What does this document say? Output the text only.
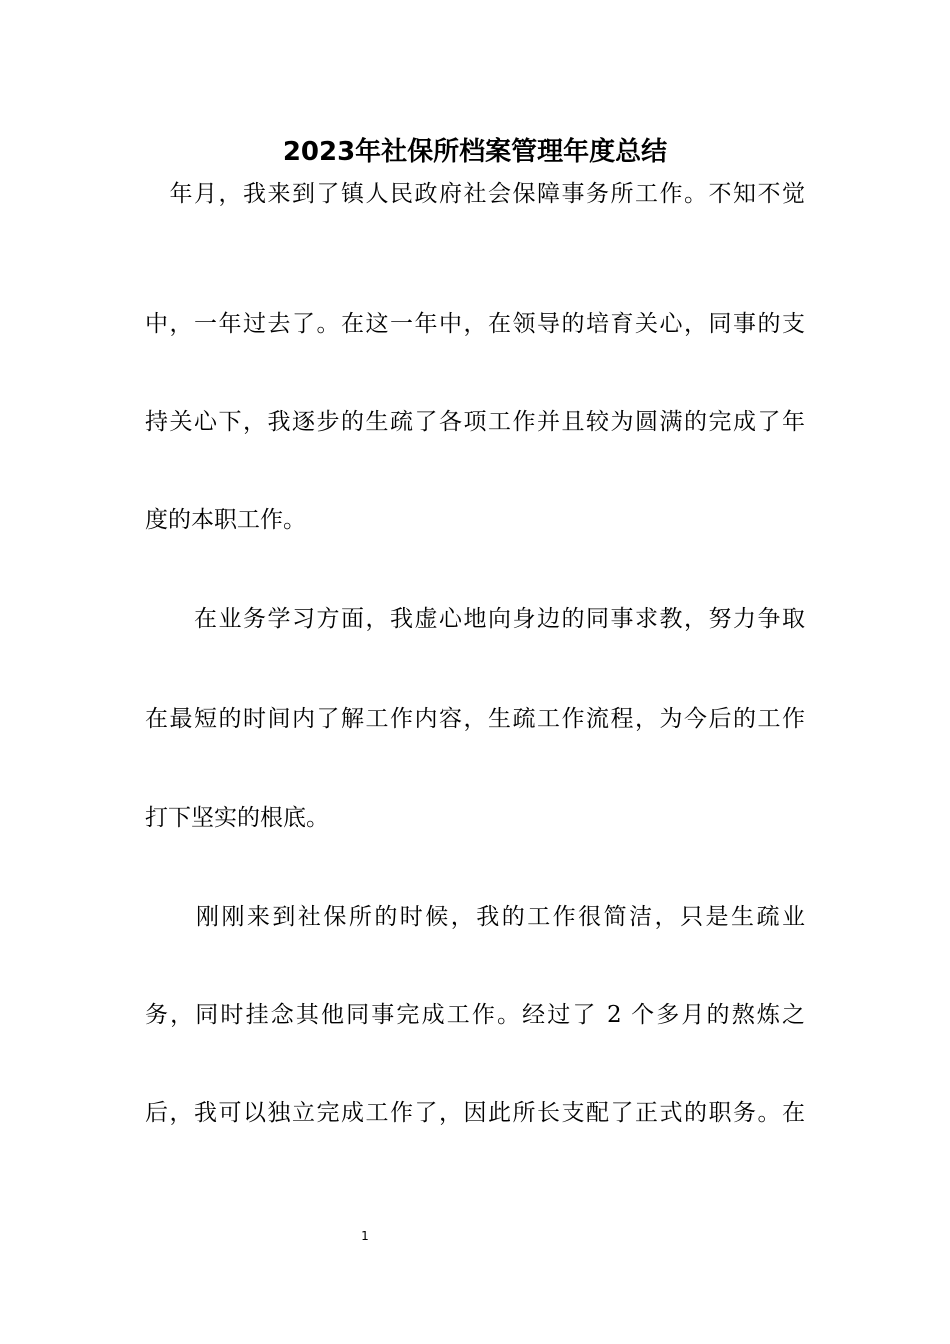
2023年社保所档案管理年度总结
　年月，我来到了镇人民政府社会保障事务所工作。不知不觉
中，一年过去了。在这一年中，在领导的培育关心，同事的支
持关心下，我逐步的生疏了各项工作并且较为圆满的完成了年
度的本职工作。
　　在业务学习方面，我虚心地向身边的同事求教，努力争取
在最短的时间内了解工作内容，生疏工作流程，为今后的工作
打下坚实的根底。
　　刚刚来到社保所的时候，我的工作很简洁，只是生疏业
务，同时挂念其他同事完成工作。经过了 2 个多月的熬炼之
后，我可以独立完成工作了，因此所长支配了正式的职务。在
1
